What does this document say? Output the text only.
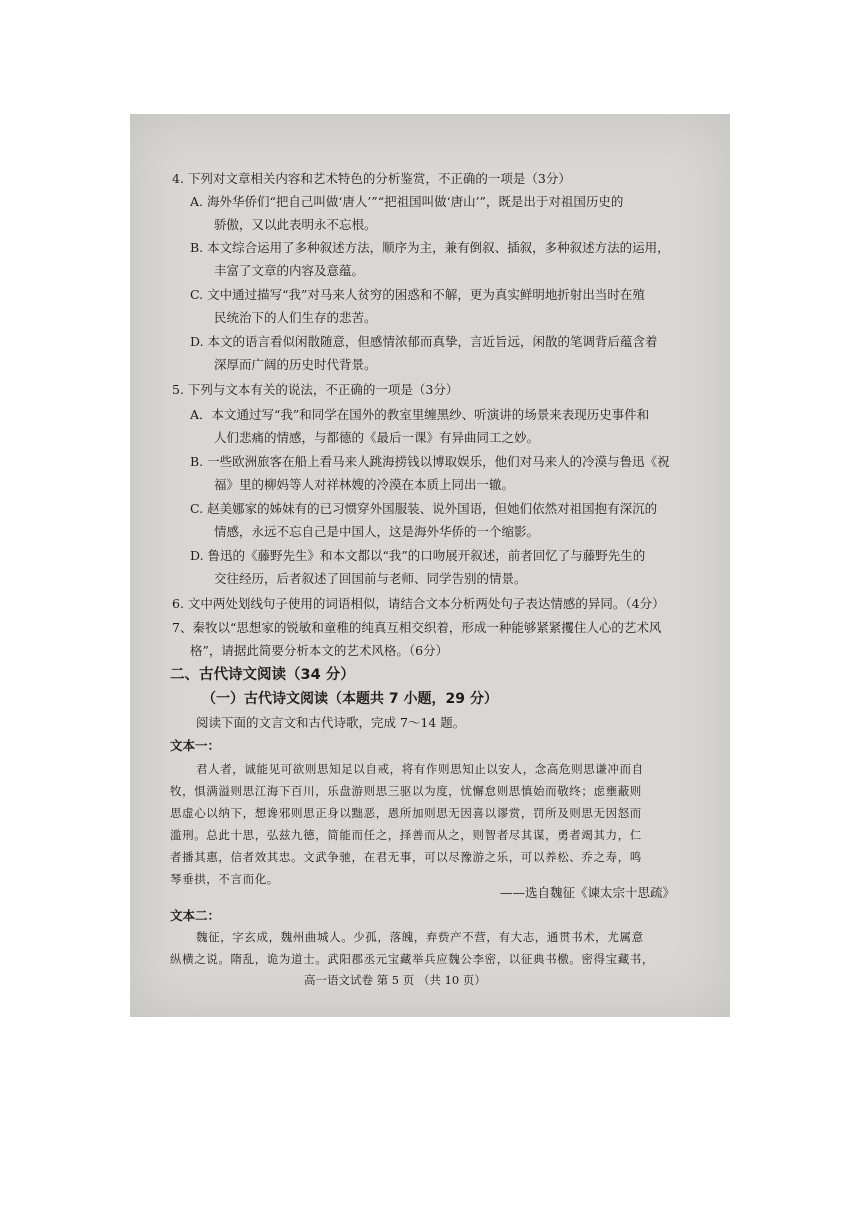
4. 下列对文章相关内容和艺术特色的分析鉴赏，不正确的一项是（3分）
A. 海外华侨们“把自己叫做‘唐人’”“把祖国叫做‘唐山’”，既是出于对祖国历史的
骄傲，又以此表明永不忘根。
B. 本文综合运用了多种叙述方法，顺序为主，兼有倒叙、插叙，多种叙述方法的运用，
丰富了文章的内容及意蕴。
C. 文中通过描写“我”对马来人贫穷的困惑和不解，更为真实鲜明地折射出当时在殖
民统治下的人们生存的悲苦。
D. 本文的语言看似闲散随意，但感情浓郁而真挚，言近旨远，闲散的笔调背后蕴含着
深厚而广阔的历史时代背景。
5. 下列与文本有关的说法，不正确的一项是（3分）
A．本文通过写“我”和同学在国外的教室里缠黑纱、听演讲的场景来表现历史事件和
人们悲痛的情感，与都德的《最后一课》有异曲同工之妙。
B. 一些欧洲旅客在船上看马来人跳海捞钱以博取娱乐，他们对马来人的冷漠与鲁迅《祝
福》里的柳妈等人对祥林嫂的冷漠在本质上同出一辙。
C. 赵美娜家的姊妹有的已习惯穿外国服装、说外国语，但她们依然对祖国抱有深沉的
情感，永远不忘自己是中国人，这是海外华侨的一个缩影。
D. 鲁迅的《藤野先生》和本文都以“我”的口吻展开叙述，前者回忆了与藤野先生的
交往经历，后者叙述了回国前与老师、同学告别的情景。
6. 文中两处划线句子使用的词语相似，请结合文本分析两处句子表达情感的异同。（4分）
7、秦牧以“思想家的锐敏和童稚的纯真互相交织着，形成一种能够紧紧攫住人心的艺术风
格”，请据此简要分析本文的艺术风格。（6分）
二、古代诗文阅读（34 分）
（一）古代诗文阅读（本题共 7 小题，29 分）
阅读下面的文言文和古代诗歌，完成 7～14 题。
文本一：
君人者，诚能见可欲则思知足以自戒，将有作则思知止以安人，念高危则思谦冲而自
牧，惧满溢则思江海下百川，乐盘游则思三驱以为度，忧懈怠则思慎始而敬终；虑壅蔽则
思虚心以纳下，想谗邪则思正身以黜恶，恩所加则思无因喜以谬赏，罚所及则思无因怒而
滥刑。总此十思，弘兹九德，简能而任之，择善而从之，则智者尽其谋，勇者竭其力，仁
者播其惠，信者效其忠。文武争驰，在君无事，可以尽豫游之乐，可以养松、乔之寿，鸣
琴垂拱，不言而化。
——选自魏征《谏太宗十思疏》
文本二：
魏征，字玄成，魏州曲城人。少孤，落魄，弃赀产不营，有大志，通贯书术，尤属意
纵横之说。隋乱，诡为道士。武阳郡丞元宝藏举兵应魏公李密，以征典书檄。密得宝藏书，
高一语文试卷 第 5 页 （共 10 页）
